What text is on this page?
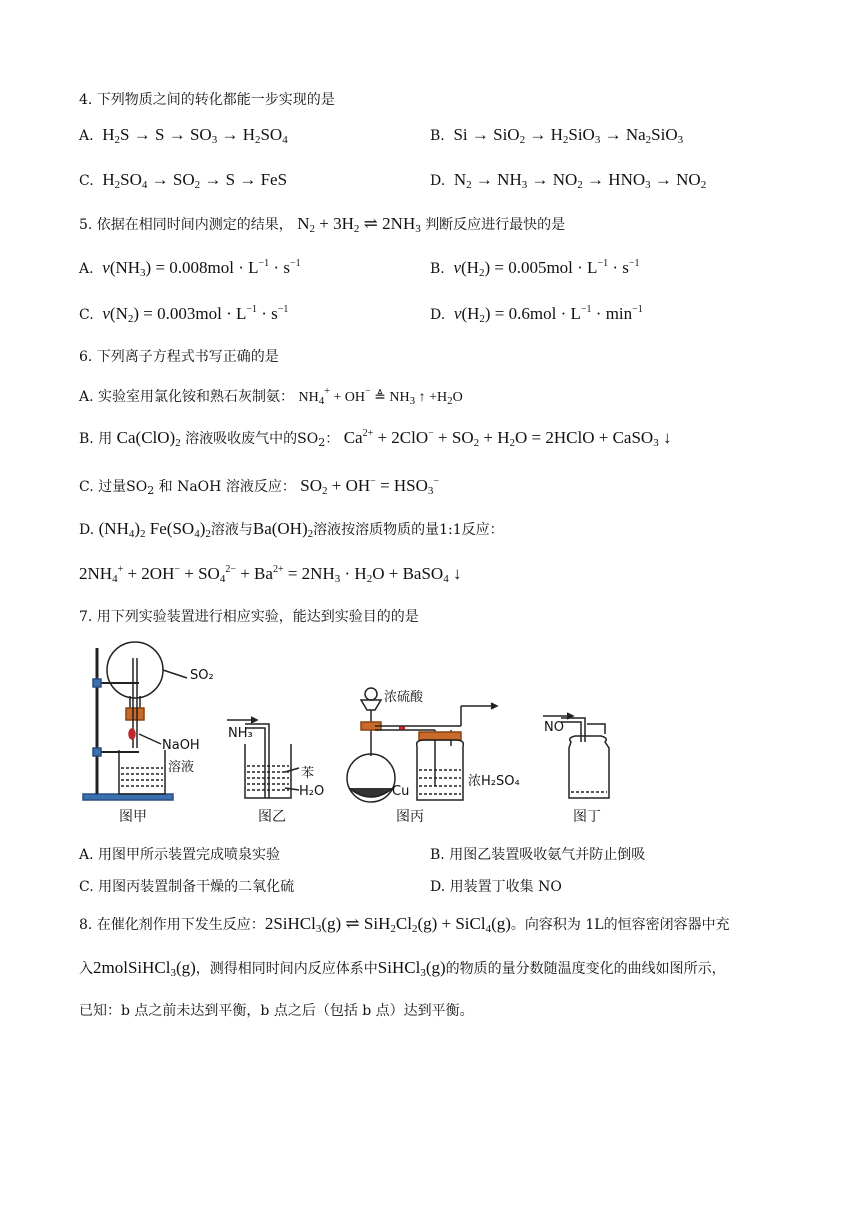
4. 下列物质之间的转化都能一步实现的是
A.  $H_2S \to S \to SO_3 \to H_2SO_4$	B.  $Si \to SiO_2 \to H_2SiO_3 \to Na_2SiO_3$
C.  $H_2SO_4 \to SO_2 \to S$ → FeS	D.  $N_2 \to NH_3 \to NO_2 \to HNO_3 \to NO_2$
5. 依据在相同时间内测定的结果， $N_2 + 3H_2$ ⇌ $2NH_3$ 判断反应进行最快的是
A. $v(NH_3) = 0.008mol \cdot L^{-1} \cdot s^{-1}$	B. $v(H_2) = 0.005mol \cdot L^{-1} \cdot s^{-1}$
C. $v(N_2) = 0.003mol \cdot L^{-1} \cdot s^{-1}$	D. $v(H_2) = 0.6mol \cdot L^{-1} \cdot \min^{-1}$
6. 下列离子方程式书写正确的是
A. 实验室用氯化铵和熟石灰制氨： $NH_4^+ + OH^-$ ≜ $NH_3$ ↑ $+H_2O$
B. 用 $Ca(ClO)_2$ 溶液吸收废气中的$SO_2$： $Ca^{2+} + 2ClO^- + SO_2 + H_2O$ = 2HClO + CaSO$_3$ ↓
C. 过量$SO_2$ 和 NaOH 溶液反应： $SO_2 + OH^- = HSO_3^-$
D. $(NH_4)_2$ $Fe(SO_4)_2$溶液与$Ba(OH)_2$溶液按溶质物质的量1:1反应：
$2NH_4^+ + 2OH^- + SO_4^{2-} + Ba^{2+} = 2NH_3 \cdot H_2O$ + BaSO$_4$ ↓
7. 用下列实验装置进行相应实验，能达到实验目的的是
SO₂
NaOH
溶液
NH₃
苯
H₂O
浓硫酸
Cu
浓H₂SO₄
NO
图甲	图乙	图丙	图丁
A. 用图甲所示装置完成喷泉实验	B. 用图乙装置吸收氨气并防止倒吸
C. 用图丙装置制备干燥的二氧化硫	D. 用装置丁收集 NO
8. 在催化剂作用下发生反应：2SiHCl$_3$(g) ⇌ $SiH_2Cl_2(g)$ + SiCl$_4$(g)。向容积为 1L的恒容密闭容器中充
入2molSiHCl$_3$(g)，测得相同时间内反应体系中SiHCl$_3$(g)的物质的量分数随温度变化的曲线如图所示，
已知：b 点之前未达到平衡，b 点之后（包括 b 点）达到平衡。
